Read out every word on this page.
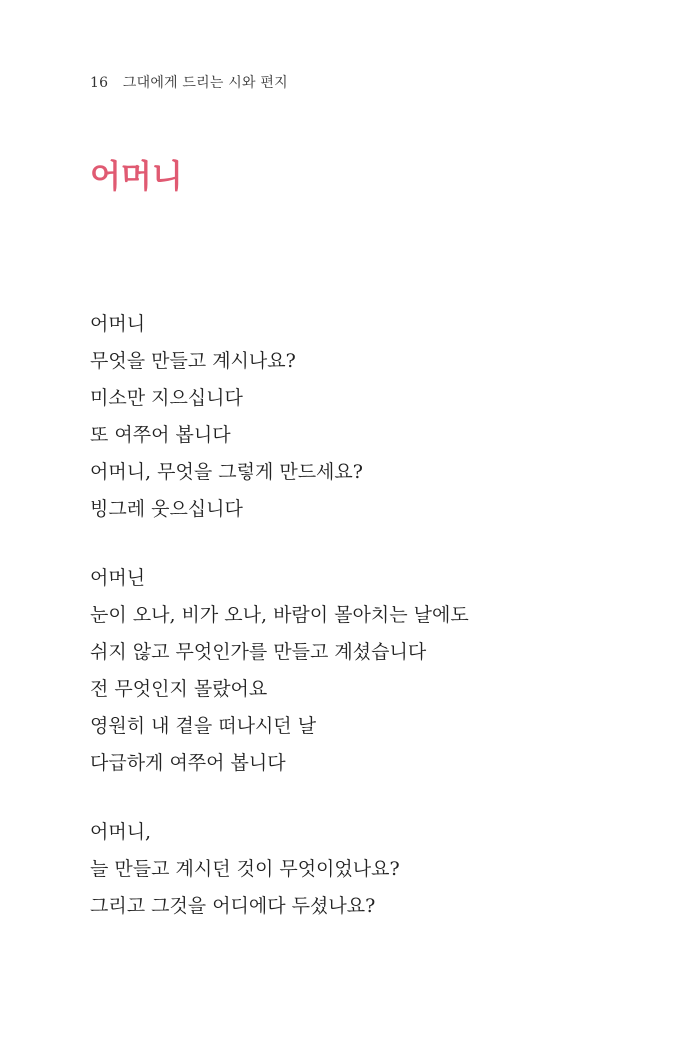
16 그대에게 드리는 시와 편지
어머니
어머니
무엇을 만들고 계시나요?
미소만 지으십니다
또 여쭈어 봅니다
어머니, 무엇을 그렇게 만드세요?
빙그레 웃으십니다
어머닌
눈이 오나, 비가 오나, 바람이 몰아치는 날에도
쉬지 않고 무엇인가를 만들고 계셨습니다
전 무엇인지 몰랐어요
영원히 내 곁을 떠나시던 날
다급하게 여쭈어 봅니다
어머니,
늘 만들고 계시던 것이 무엇이었나요?
그리고 그것을 어디에다 두셨나요?
